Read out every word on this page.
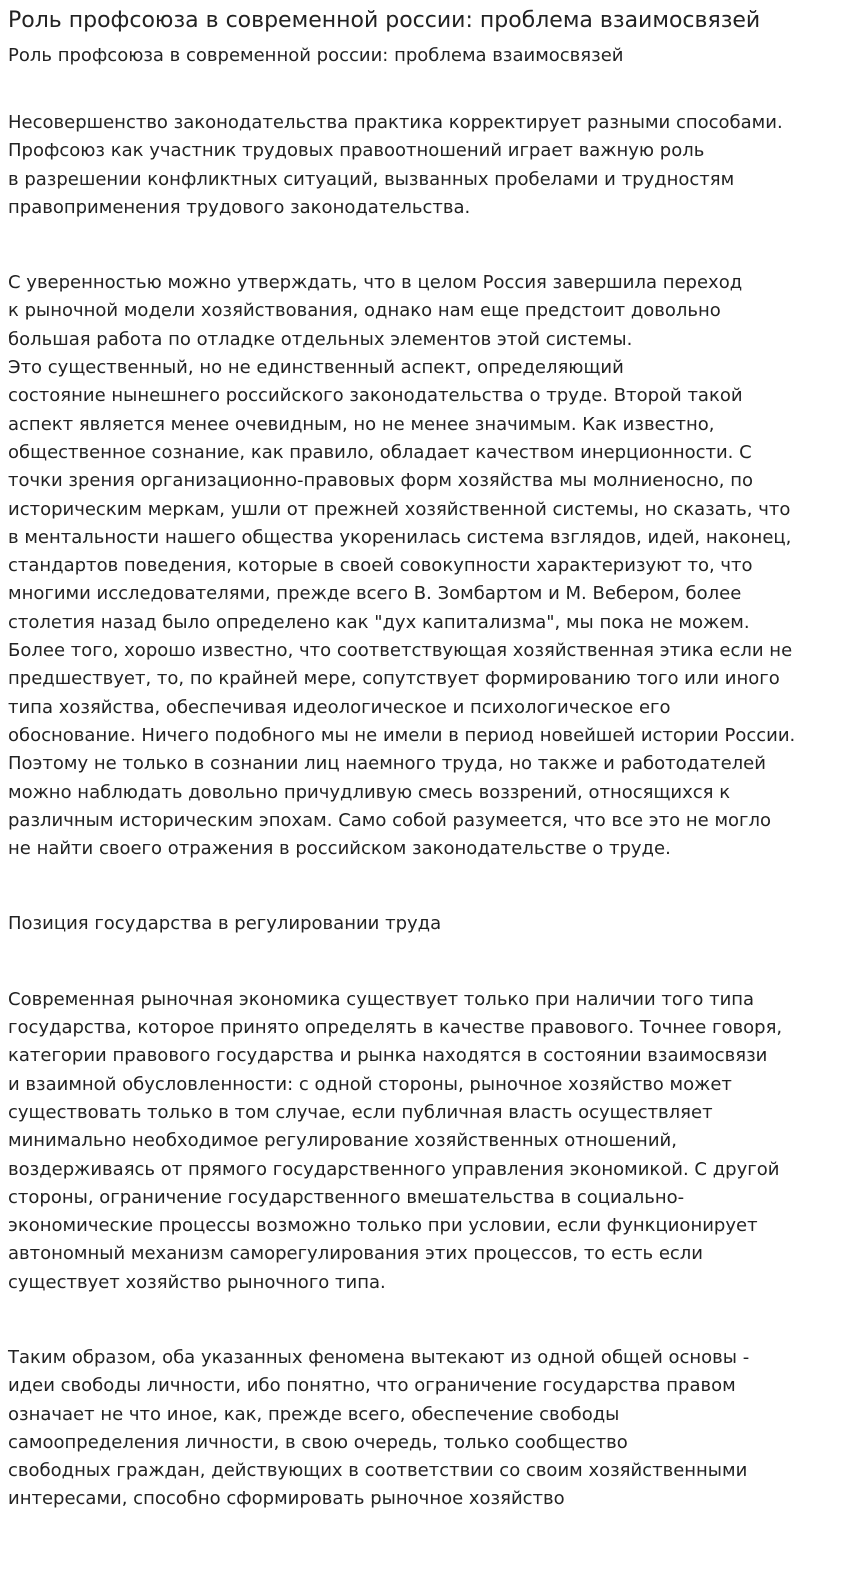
Роль профсоюза в современной россии: проблема взаимосвязей
Роль профсоюза в современной россии: проблема взаимосвязей

Несовершенство законодательства практика корректирует разными способами.
Профсоюз как участник трудовых правоотношений играет важную роль
в разрешении конфликтных ситуаций, вызванных пробелами и трудностям
правоприменения трудового законодательства.

С уверенностью можно утверждать, что в целом Россия завершила переход
к рыночной модели хозяйствования, однако нам еще предстоит довольно
большая работа по отладке отдельных элементов этой системы.
Это существенный, но не единственный аспект, определяющий
состояние нынешнего российского законодательства о труде. Второй такой
аспект является менее очевидным, но не менее значимым. Как известно,
общественное сознание, как правило, обладает качеством инерционности. С
точки зрения организационно-правовых форм хозяйства мы молниеносно, по
историческим меркам, ушли от прежней хозяйственной системы, но сказать, что
в ментальности нашего общества укоренилась система взглядов, идей, наконец,
стандартов поведения, которые в своей совокупности характеризуют то, что
многими исследователями, прежде всего В. Зомбартом и М. Вебером, более
столетия назад было определено как "дух капитализма", мы пока не можем.
Более того, хорошо известно, что соответствующая хозяйственная этика если не
предшествует, то, по крайней мере, сопутствует формированию того или иного
типа хозяйства, обеспечивая идеологическое и психологическое его
обоснование. Ничего подобного мы не имели в период новейшей истории России.
Поэтому не только в сознании лиц наемного труда, но также и работодателей
можно наблюдать довольно причудливую смесь воззрений, относящихся к
различным историческим эпохам. Само собой разумеется, что все это не могло
не найти своего отражения в российском законодательстве о труде.

Позиция государства в регулировании труда

Современная рыночная экономика существует только при наличии того типа
государства, которое принято определять в качестве правового. Точнее говоря,
категории правового государства и рынка находятся в состоянии взаимосвязи
и взаимной обусловленности: с одной стороны, рыночное хозяйство может
существовать только в том случае, если публичная власть осуществляет
минимально необходимое регулирование хозяйственных отношений,
воздерживаясь от прямого государственного управления экономикой. С другой
стороны, ограничение государственного вмешательства в социально-
экономические процессы возможно только при условии, если функционирует
автономный механизм саморегулирования этих процессов, то есть если
существует хозяйство рыночного типа.

Таким образом, оба указанных феномена вытекают из одной общей основы -
идеи свободы личности, ибо понятно, что ограничение государства правом
означает не что иное, как, прежде всего, обеспечение свободы
самоопределения личности, в свою очередь, только сообщество
свободных граждан, действующих в соответствии со своим хозяйственными
интересами, способно сформировать рыночное хозяйство
